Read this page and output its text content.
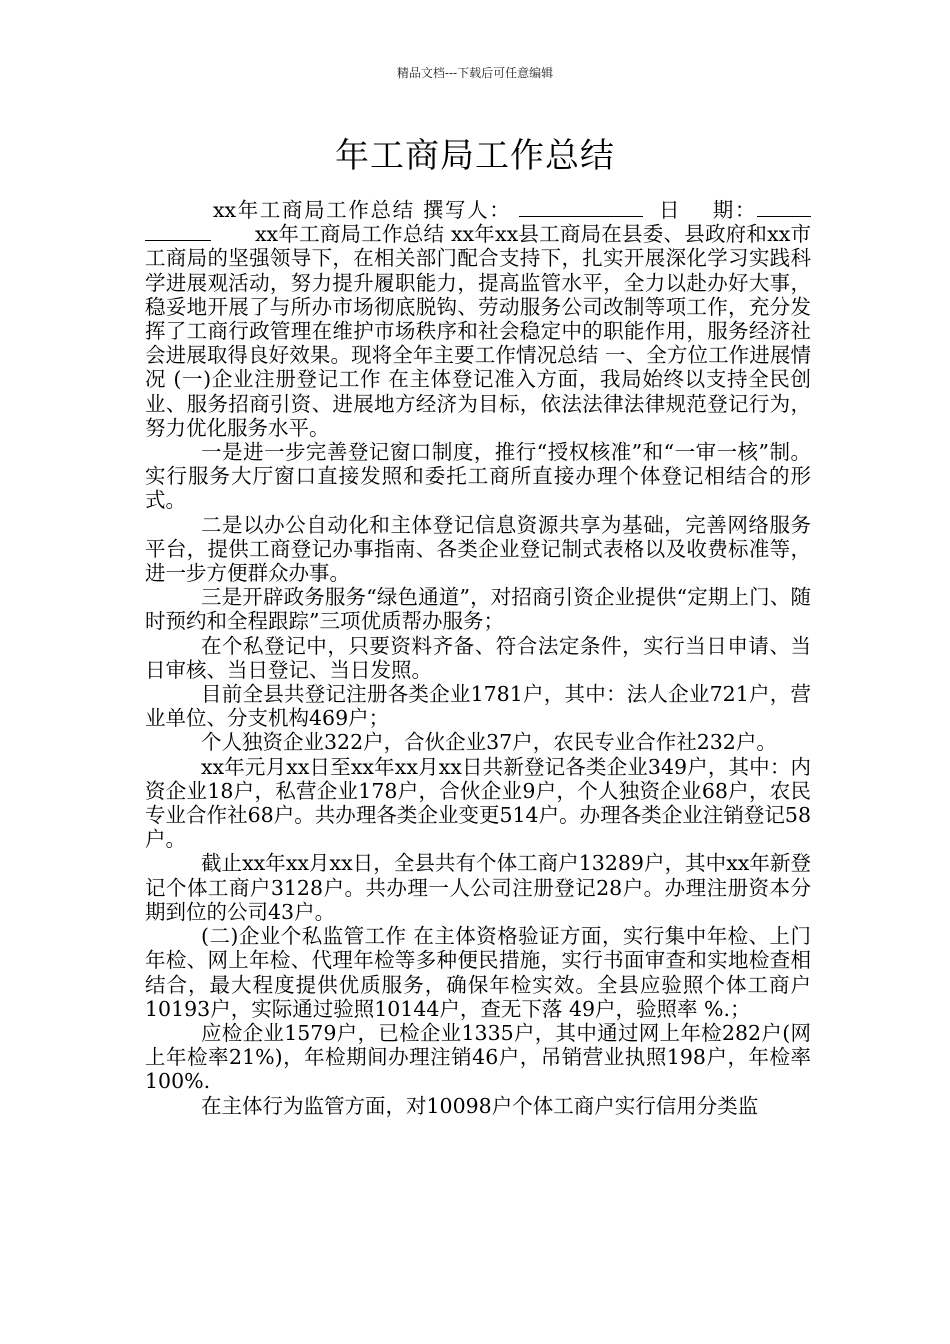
精品文档---下载后可任意编辑
年工商局工作总结

xx年工商局工作总结 撰写人：	日 期：xx年工商局工作总结 xx年xx县工商局在县委、县政府和xx市工商局的坚强领导下，在相关部门配合支持下，扎实开展深化学习实践科学进展观活动，努力提升履职能力，提高监管水平，全力以赴办好大事，稳妥地开展了与所办市场彻底脱钩、劳动服务公司改制等项工作，充分发挥了工商行政管理在维护市场秩序和社会稳定中的职能作用，服务经济社会进展取得良好效果。现将全年主要工作情况总结 一、全方位工作进展情况 (一)企业注册登记工作 在主体登记准入方面，我局始终以支持全民创业、服务招商引资、进展地方经济为目标，依法法律法律规范登记行为，努力优化服务水平。

一是进一步完善登记窗口制度，推行“授权核准”和“一审一核”制。实行服务大厅窗口直接发照和委托工商所直接办理个体登记相结合的形式。

二是以办公自动化和主体登记信息资源共享为基础，完善网络服务平台，提供工商登记办事指南、各类企业登记制式表格以及收费标准等，进一步方便群众办事。

三是开辟政务服务“绿色通道”，对招商引资企业提供“定期上门、随时预约和全程跟踪”三项优质帮办服务；

在个私登记中，只要资料齐备、符合法定条件，实行当日申请、当日审核、当日登记、当日发照。

目前全县共登记注册各类企业1781户，其中：法人企业721户，营业单位、分支机构469户；

个人独资企业322户，合伙企业37户，农民专业合作社232户。

xx年元月xx日至xx年xx月xx日共新登记各类企业349户，其中：内资企业18户，私营企业178户，合伙企业9户，个人独资企业68户，农民专业合作社68户。共办理各类企业变更514户。办理各类企业注销登记58户。

截止xx年xx月xx日，全县共有个体工商户13289户，其中xx年新登记个体工商户3128户。共办理一人公司注册登记28户。办理注册资本分期到位的公司43户。

(二)企业个私监管工作 在主体资格验证方面，实行集中年检、上门年检、网上年检、代理年检等多种便民措施，实行书面审查和实地检查相结合，最大程度提供优质服务，确保年检实效。全县应验照个体工商户10193户，实际通过验照10144户，查无下落 49户，验照率 %.；

应检企业1579户，已检企业1335户，其中通过网上年检282户(网上年检率21%)，年检期间办理注销46户，吊销营业执照198户，年检率 100%.

在主体行为监管方面，对10098户个体工商户实行信用分类监
